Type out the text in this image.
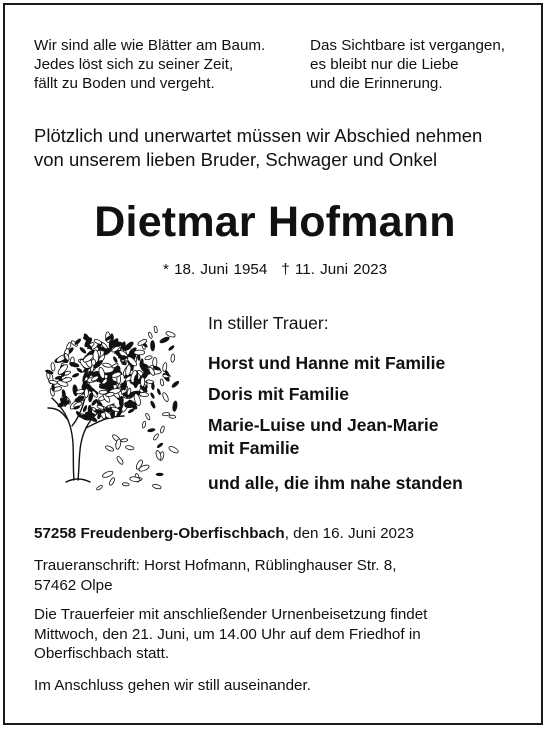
Wir sind alle wie Blätter am Baum.
Jedes löst sich zu seiner Zeit,
fällt zu Boden und vergeht.
Das Sichtbare ist vergangen,
es bleibt nur die Liebe
und die Erinnerung.
Plötzlich und unerwartet müssen wir Abschied nehmen
von unserem lieben Bruder, Schwager und Onkel
Dietmar Hofmann
* 18. Juni 1954 † 11. Juni 2023
In stiller Trauer:
Horst und Hanne mit Familie
Doris mit Familie
Marie-Luise und Jean-Marie
mit Familie
und alle, die ihm nahe standen
57258 Freudenberg-Oberfischbach, den 16. Juni 2023
Traueranschrift: Horst Hofmann, Rüblinghauser Str. 8,
57462 Olpe
Die Trauerfeier mit anschließender Urnenbeisetzung findet
Mittwoch, den 21. Juni, um 14.00 Uhr auf dem Friedhof in
Oberfischbach statt.
Im Anschluss gehen wir still auseinander.
